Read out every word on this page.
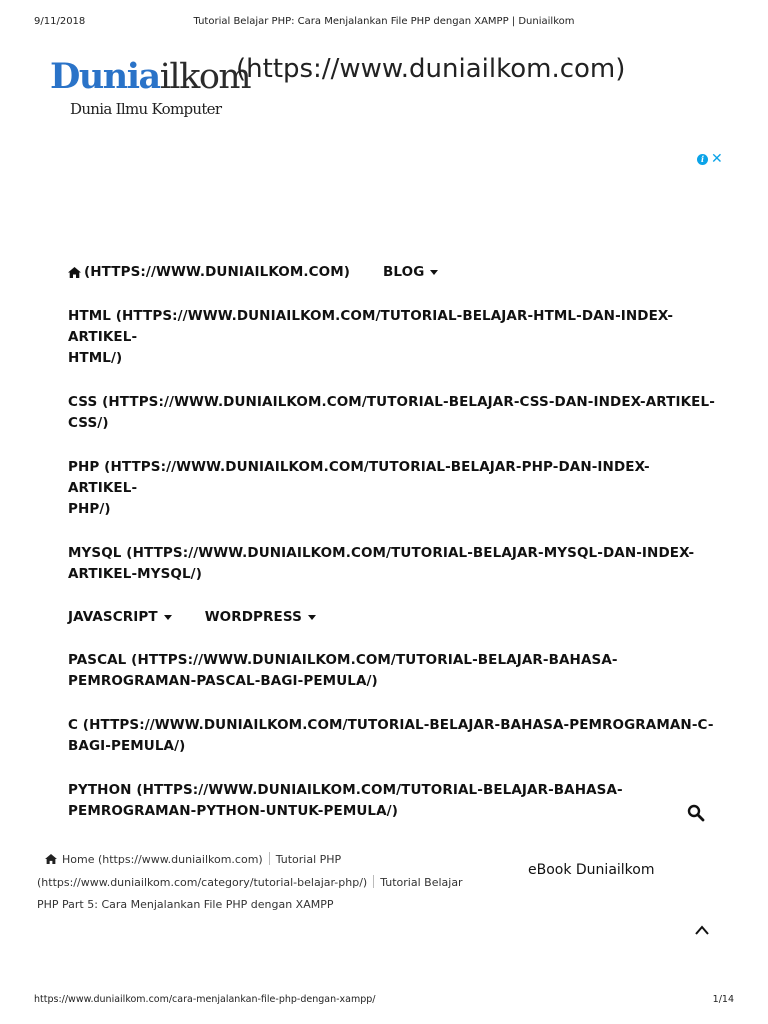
9/11/2018	Tutorial Belajar PHP: Cara Menjalankan File PHP dengan XAMPP | Duniailkom
Duniailkom
(https://www.duniailkom.com)
Dunia Ilmu Komputer
i ✕
(HTTPS://WWW.DUNIAILKOM.COM) BLOG
HTML (HTTPS://WWW.DUNIAILKOM.COM/TUTORIAL-BELAJAR-HTML-DAN-INDEX-ARTIKEL-
HTML/)
CSS (HTTPS://WWW.DUNIAILKOM.COM/TUTORIAL-BELAJAR-CSS-DAN-INDEX-ARTIKEL-
CSS/)
PHP (HTTPS://WWW.DUNIAILKOM.COM/TUTORIAL-BELAJAR-PHP-DAN-INDEX-ARTIKEL-
PHP/)
MYSQL (HTTPS://WWW.DUNIAILKOM.COM/TUTORIAL-BELAJAR-MYSQL-DAN-INDEX-
ARTIKEL-MYSQL/)
JAVASCRIPT	WORDPRESS
PASCAL (HTTPS://WWW.DUNIAILKOM.COM/TUTORIAL-BELAJAR-BAHASA-
PEMROGRAMAN-PASCAL-BAGI-PEMULA/)
C (HTTPS://WWW.DUNIAILKOM.COM/TUTORIAL-BELAJAR-BAHASA-PEMROGRAMAN-C-
BAGI-PEMULA/)
PYTHON (HTTPS://WWW.DUNIAILKOM.COM/TUTORIAL-BELAJAR-BAHASA-
PEMROGRAMAN-PYTHON-UNTUK-PEMULA/)
Home (https://www.duniailkom.com) Tutorial PHP
(https://www.duniailkom.com/category/tutorial-belajar-php/) Tutorial Belajar
PHP Part 5: Cara Menjalankan File PHP dengan XAMPP
eBook Duniailkom
https://www.duniailkom.com/cara-menjalankan-file-php-dengan-xampp/	1/14
